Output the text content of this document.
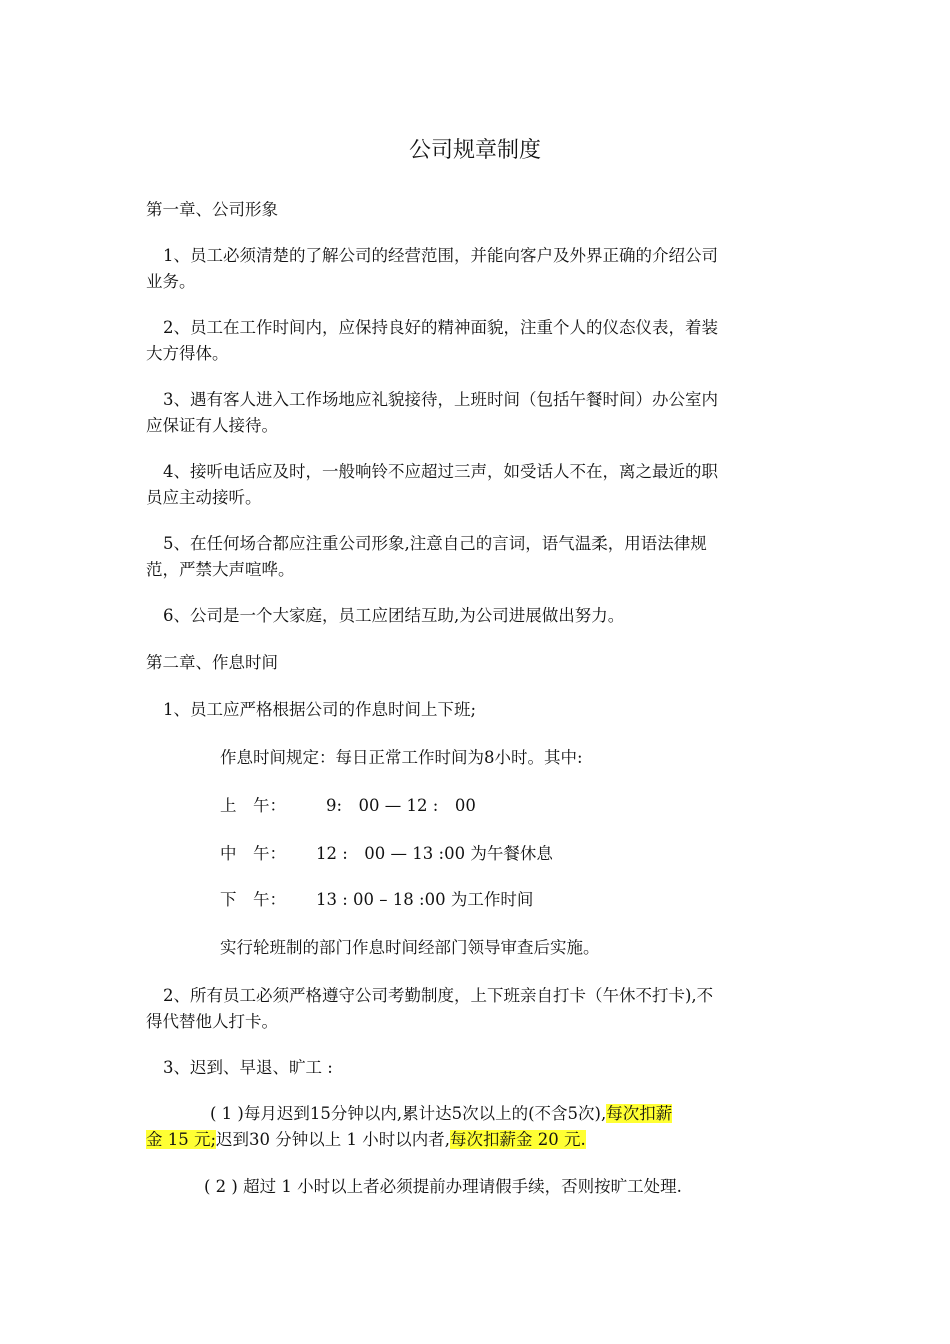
公司规章制度
第一章、公司形象
1、员工必须清楚的了解公司的经营范围，并能向客户及外界正确的介绍公司
业务。
2、员工在工作时间内，应保持良好的精神面貌，注重个人的仪态仪表，着装
大方得体。
3、遇有客人进入工作场地应礼貌接待，上班时间（包括午餐时间）办公室内
应保证有人接待。
4、接听电话应及时，一般响铃不应超过三声，如受话人不在，离之最近的职
员应主动接听。
5、在任何场合都应注重公司形象,注意自己的言词，语气温柔，用语法律规
范，严禁大声喧哗。
6、公司是一个大家庭，员工应团结互助,为公司进展做出努力。
第二章、作息时间
1、员工应严格根据公司的作息时间上下班;
作息时间规定：每日正常工作时间为8小时。其中:
上　午： 9:　00 — 12 :　00
中　午： 12 :　00 — 13 :00 为午餐休息
下　午： 13 : 00 – 18 :00 为工作时间
实行轮班制的部门作息时间经部门领导审查后实施。
2、所有员工必须严格遵守公司考勤制度，上下班亲自打卡（午休不打卡),不
得代替他人打卡。
3、迟到、早退、旷工 :
( 1 )每月迟到15分钟以内,累计达5次以上的(不含5次),每次扣薪
金 15 元;迟到30 分钟以上 1 小时以内者,每次扣薪金 20 元.
( 2 ) 超过 1 小时以上者必须提前办理请假手续，否则按旷工处理.
